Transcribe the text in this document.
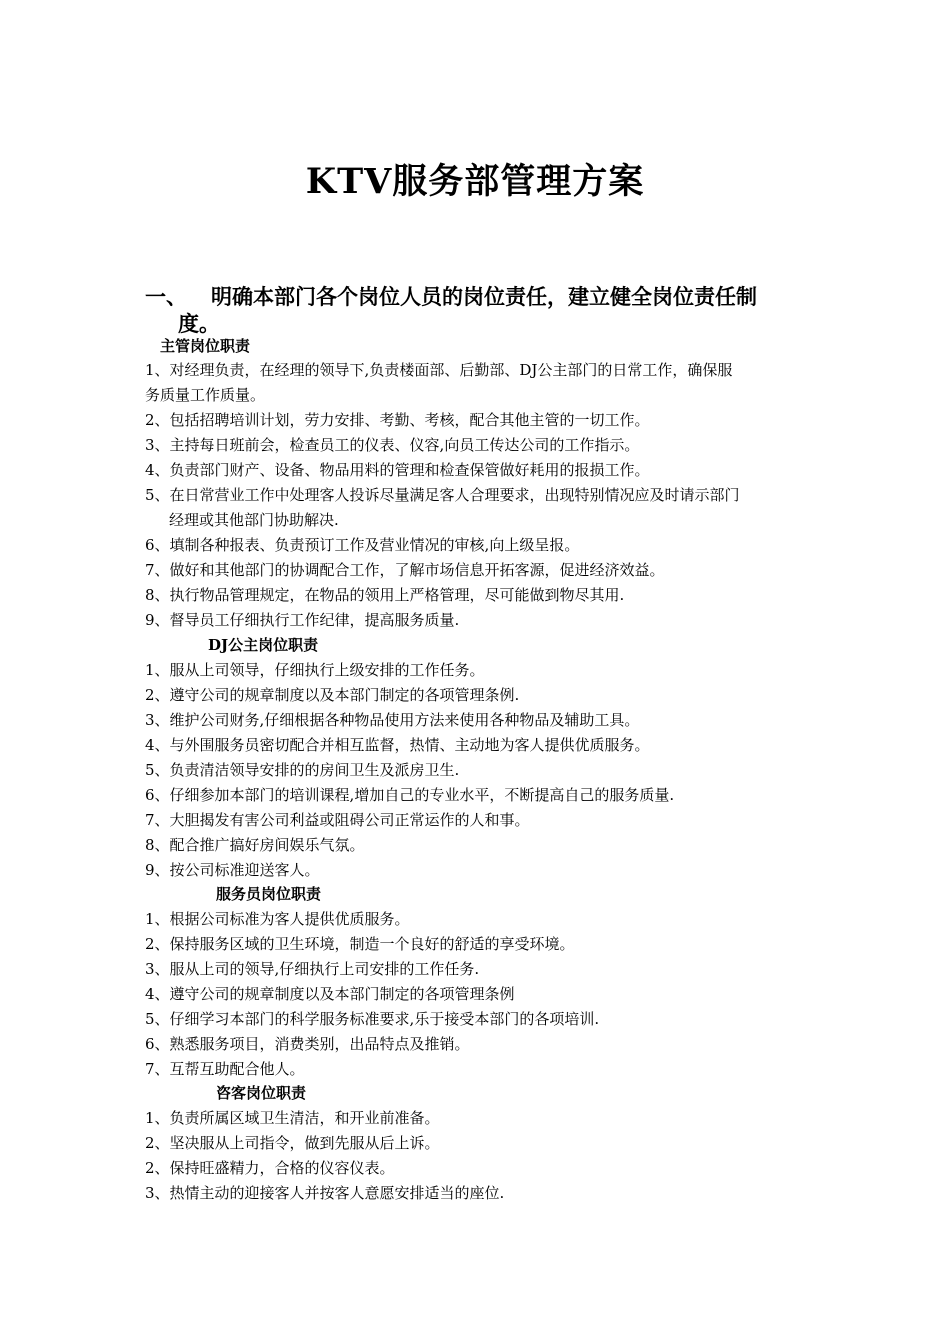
KTV服务部管理方案
一、	明确本部门各个岗位人员的岗位责任，建立健全岗位责任制
度。
主管岗位职责
1、对经理负责，在经理的领导下,负责楼面部、后勤部、DJ公主部门的日常工作，确保服
务质量工作质量。
2、包括招聘培训计划，劳力安排、考勤、考核，配合其他主管的一切工作。
3、主持每日班前会，检查员工的仪表、仪容,向员工传达公司的工作指示。
4、负责部门财产、设备、物品用料的管理和检查保管做好耗用的报损工作。
5、在日常营业工作中处理客人投诉尽量满足客人合理要求，出现特别情况应及时请示部门
经理或其他部门协助解决.
6、填制各种报表、负责预订工作及营业情况的审核,向上级呈报。
7、做好和其他部门的协调配合工作，了解市场信息开拓客源，促进经济效益。
8、执行物品管理规定，在物品的领用上严格管理，尽可能做到物尽其用.
9、督导员工仔细执行工作纪律，提高服务质量.
DJ公主岗位职责
1、服从上司领导，仔细执行上级安排的工作任务。
2、遵守公司的规章制度以及本部门制定的各项管理条例.
3、维护公司财务,仔细根据各种物品使用方法来使用各种物品及辅助工具。
4、与外围服务员密切配合并相互监督，热情、主动地为客人提供优质服务。
5、负责清洁领导安排的的房间卫生及派房卫生.
6、仔细参加本部门的培训课程,增加自己的专业水平，不断提高自己的服务质量.
7、大胆揭发有害公司利益或阻碍公司正常运作的人和事。
8、配合推广搞好房间娱乐气氛。
9、按公司标准迎送客人。
服务员岗位职责
1、根据公司标准为客人提供优质服务。
2、保持服务区域的卫生环境，制造一个良好的舒适的享受环境。
3、服从上司的领导,仔细执行上司安排的工作任务.
4、遵守公司的规章制度以及本部门制定的各项管理条例
5、仔细学习本部门的科学服务标准要求,乐于接受本部门的各项培训.
6、熟悉服务项目，消费类别，出品特点及推销。
7、互帮互助配合他人。
咨客岗位职责
1、负责所属区域卫生清洁，和开业前准备。
2、坚决服从上司指令，做到先服从后上诉。
2、保持旺盛精力，合格的仪容仪表。
3、热情主动的迎接客人并按客人意愿安排适当的座位.
